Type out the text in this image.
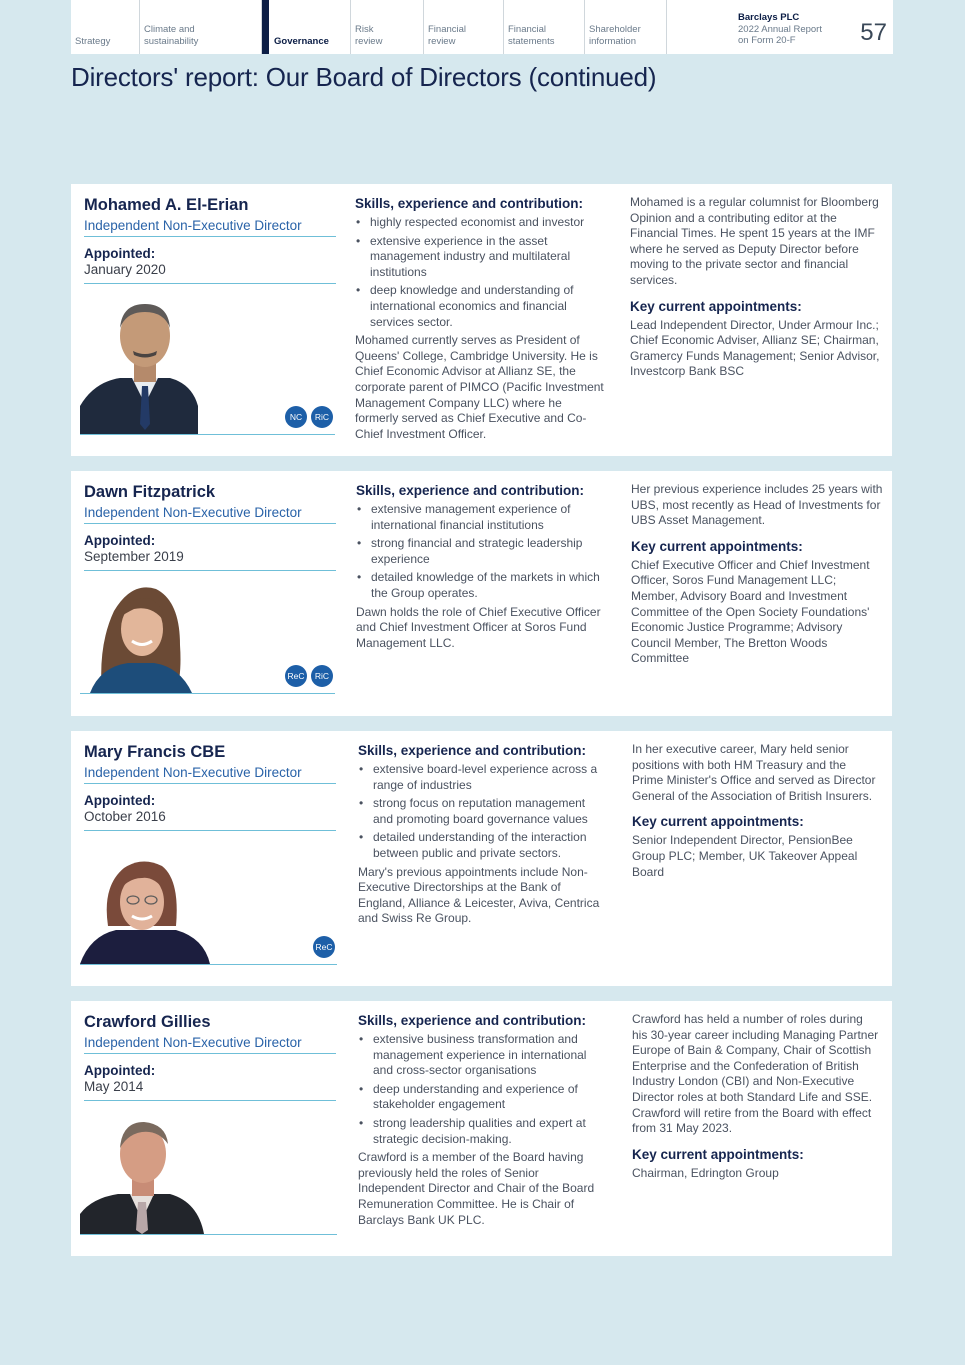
Strategy
Climate and sustainability	Governance
Risk review
Financial review
Financial statements
Shareholder information
Barclays PLC
2022 Annual Report
on Form 20-F	57
Directors' report: Our Board of Directors (continued)
Mohamed A. El-Erian
Independent Non-Executive Director
Appointed:
January 2020
NC	RiC
Skills, experience and contribution:
• highly respected economist and investor
• extensive experience in the asset management industry and multilateral institutions
• deep knowledge and understanding of international economics and financial services sector.

Mohamed currently serves as President of Queens' College, Cambridge University. He is Chief Economic Advisor at Allianz SE, the corporate parent of PIMCO (Pacific Investment Management Company LLC) where he formerly served as Chief Executive and Co-Chief Investment Officer.

Mohamed is a regular columnist for Bloomberg Opinion and a contributing editor at the Financial Times. He spent 15 years at the IMF where he served as Deputy Director before moving to the private sector and financial services.

Key current appointments:

Lead Independent Director, Under Armour Inc.; Chief Economic Adviser, Allianz SE; Chairman, Gramercy Funds Management; Senior Advisor, Investcorp Bank BSC

Dawn Fitzpatrick
Independent Non-Executive Director
Appointed:
September 2019
ReC	RiC
Skills, experience and contribution:
• extensive management experience of international financial institutions
• strong financial and strategic leadership experience
• detailed knowledge of the markets in which the Group operates.

Dawn holds the role of Chief Executive Officer and Chief Investment Officer at Soros Fund Management LLC.

Her previous experience includes 25 years with UBS, most recently as Head of Investments for UBS Asset Management.

Key current appointments:

Chief Executive Officer and Chief Investment Officer, Soros Fund Management LLC; Member, Advisory Board and Investment Committee of the Open Society Foundations' Economic Justice Programme; Advisory Council Member, The Bretton Woods Committee

Mary Francis CBE
Independent Non-Executive Director
Appointed:
October 2016
ReC
Skills, experience and contribution:
• extensive board-level experience across a range of industries
• strong focus on reputation management and promoting board governance values
• detailed understanding of the interaction between public and private sectors.

Mary's previous appointments include Non-Executive Directorships at the Bank of England, Alliance & Leicester, Aviva, Centrica and Swiss Re Group.

In her executive career, Mary held senior positions with both HM Treasury and the Prime Minister's Office and served as Director General of the Association of British Insurers.

Key current appointments:

Senior Independent Director, PensionBee Group PLC; Member, UK Takeover Appeal Board

Crawford Gillies
Independent Non-Executive Director
Appointed:
May 2014
Skills, experience and contribution:
• extensive business transformation and management experience in international and cross-sector organisations
• deep understanding and experience of stakeholder engagement
• strong leadership qualities and expert at strategic decision-making.

Crawford is a member of the Board having previously held the roles of Senior Independent Director and Chair of the Board Remuneration Committee. He is Chair of Barclays Bank UK PLC.

Crawford has held a number of roles during his 30-year career including Managing Partner Europe of Bain & Company, Chair of Scottish Enterprise and the Confederation of British Industry London (CBI) and Non-Executive Director roles at both Standard Life and SSE. Crawford will retire from the Board with effect from 31 May 2023.

Key current appointments:

Chairman, Edrington Group
